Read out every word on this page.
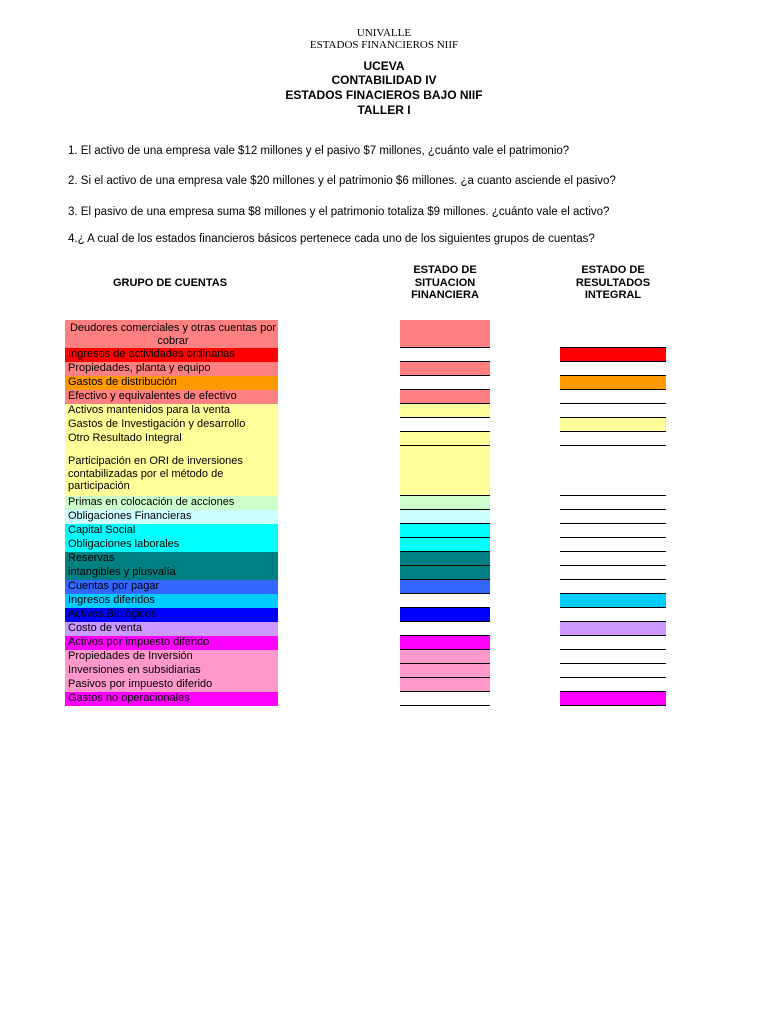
UNIVALLE
ESTADOS FINANCIEROS NIIF
UCEVA
CONTABILIDAD IV
ESTADOS FINACIEROS BAJO NIIF
TALLER I
1. El activo de una empresa vale $12 millones y el pasivo $7 millones, ¿cuánto vale el patrimonio?
2. Si el activo de una empresa vale $20 millones y el patrimonio $6 millones. ¿a cuanto asciende el pasivo?
3. El pasivo de una empresa suma $8 millones y el patrimonio totaliza $9 millones. ¿cuánto vale el activo?
4.¿ A cual de los estados financieros básicos pertenece cada uno de los siguientes grupos de cuentas?
GRUPO DE CUENTAS
ESTADO DE
SITUACION
FINANCIERA
ESTADO DE
RESULTADOS
INTEGRAL
Deudores comerciales y otras cuentas por cobrar
Ingresos de actividades ordinarias
Propiedades, planta y equipo
Gastos de distribución
Efectivo y equivalentes de efectivo
Activos mantenidos para la venta
Gastos de Investigación y desarrollo
Otro Resultado Integral
Participación en ORI de inversiones contabilizadas por el método de participación
Primas en colocación de acciones
Obligaciones Financieras
Capital Social
Obligaciones laborales
Reservas
intangibles y plusvalía
Cuentas por pagar
Ingresos diferidos
Activos Biológicos
Costo de venta
Activos por impuesto diferido
Propiedades de Inversión
Inversiones en subsidiarias
Pasivos por impuesto diferido
Gastos no operacionales
